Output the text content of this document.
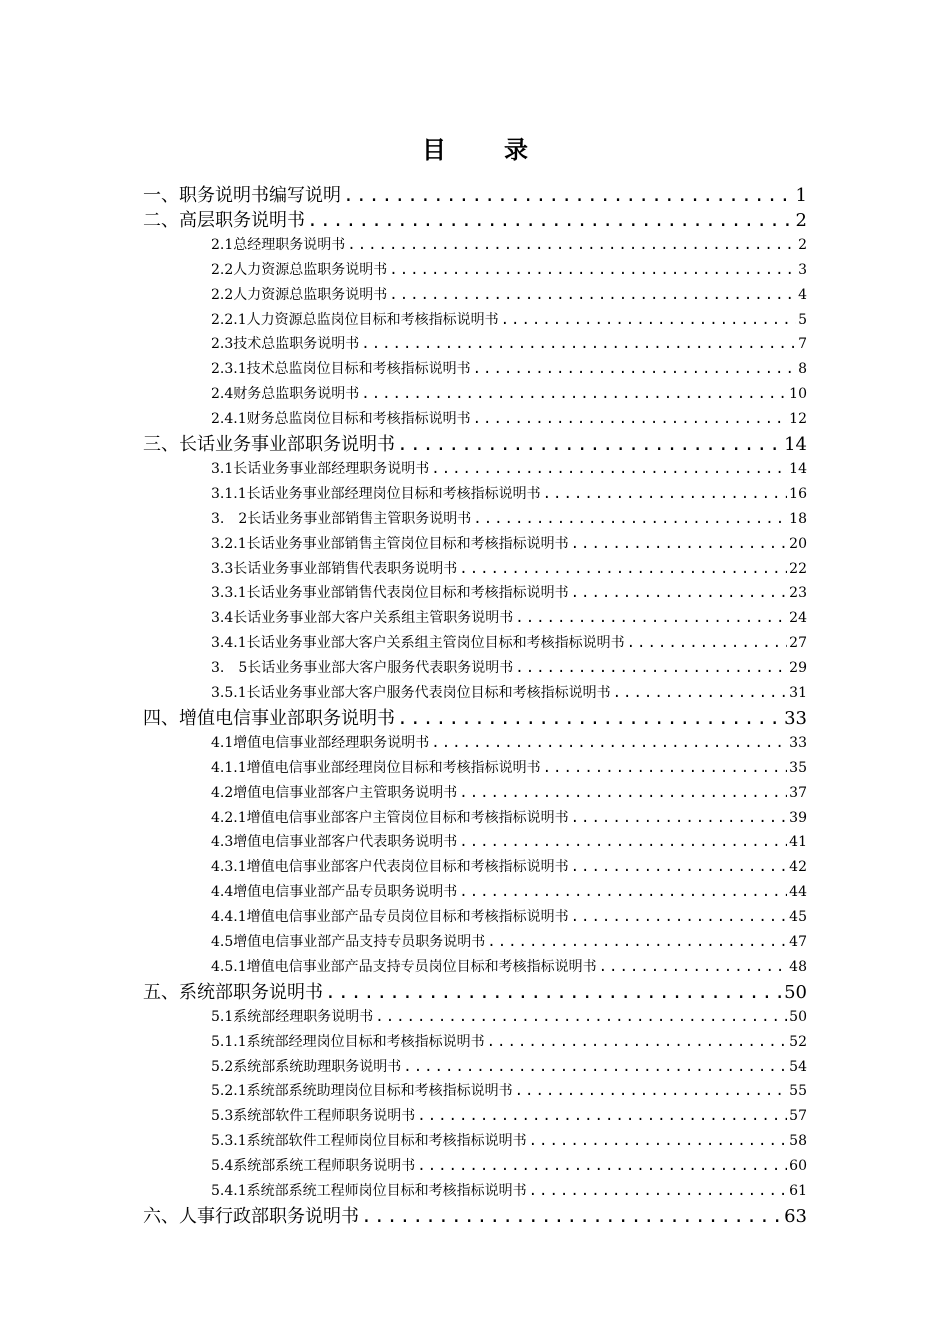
目 录
一、职务说明书编写说明 .....	1
二、高层职务说明书 .....	2
2.1总经理职务说明书 .....	2
2.2人力资源总监职务说明书 .....	3
2.2人力资源总监职务说明书 .....	4
2.2.1人力资源总监岗位目标和考核指标说明书 .....	5
2.3技术总监职务说明书 .....	7
2.3.1技术总监岗位目标和考核指标说明书 .....	8
2.4财务总监职务说明书 .....	10
2.4.1财务总监岗位目标和考核指标说明书 .....	12
三、长话业务事业部职务说明书 .....	14
3.1长话业务事业部经理职务说明书 .....	14
3.1.1长话业务事业部经理岗位目标和考核指标说明书 .....	16
3.　2长话业务事业部销售主管职务说明书 .....	18
3.2.1长话业务事业部销售主管岗位目标和考核指标说明书 .....	20
3.3长话业务事业部销售代表职务说明书 .....	22
3.3.1长话业务事业部销售代表岗位目标和考核指标说明书 .....	23
3.4长话业务事业部大客户关系组主管职务说明书 .....	24
3.4.1长话业务事业部大客户关系组主管岗位目标和考核指标说明书 .....	27
3.　5长话业务事业部大客户服务代表职务说明书 .....	29
3.5.1长话业务事业部大客户服务代表岗位目标和考核指标说明书 .....	31
四、增值电信事业部职务说明书 .....	33
4.1增值电信事业部经理职务说明书 .....	33
4.1.1增值电信事业部经理岗位目标和考核指标说明书 .....	35
4.2增值电信事业部客户主管职务说明书 .....	37
4.2.1增值电信事业部客户主管岗位目标和考核指标说明书 .....	39
4.3增值电信事业部客户代表职务说明书 .....	41
4.3.1增值电信事业部客户代表岗位目标和考核指标说明书 .....	42
4.4增值电信事业部产品专员职务说明书 .....	44
4.4.1增值电信事业部产品专员岗位目标和考核指标说明书 .....	45
4.5增值电信事业部产品支持专员职务说明书 .....	47
4.5.1增值电信事业部产品支持专员岗位目标和考核指标说明书 .....	48
五、系统部职务说明书 .....	50
5.1系统部经理职务说明书 .....	50
5.1.1系统部经理岗位目标和考核指标说明书 .....	52
5.2系统部系统助理职务说明书 .....	54
5.2.1系统部系统助理岗位目标和考核指标说明书 .....	55
5.3系统部软件工程师职务说明书 .....	57
5.3.1系统部软件工程师岗位目标和考核指标说明书 .....	58
5.4系统部系统工程师职务说明书 .....	60
5.4.1系统部系统工程师岗位目标和考核指标说明书 .....	61
六、人事行政部职务说明书 .....	63
